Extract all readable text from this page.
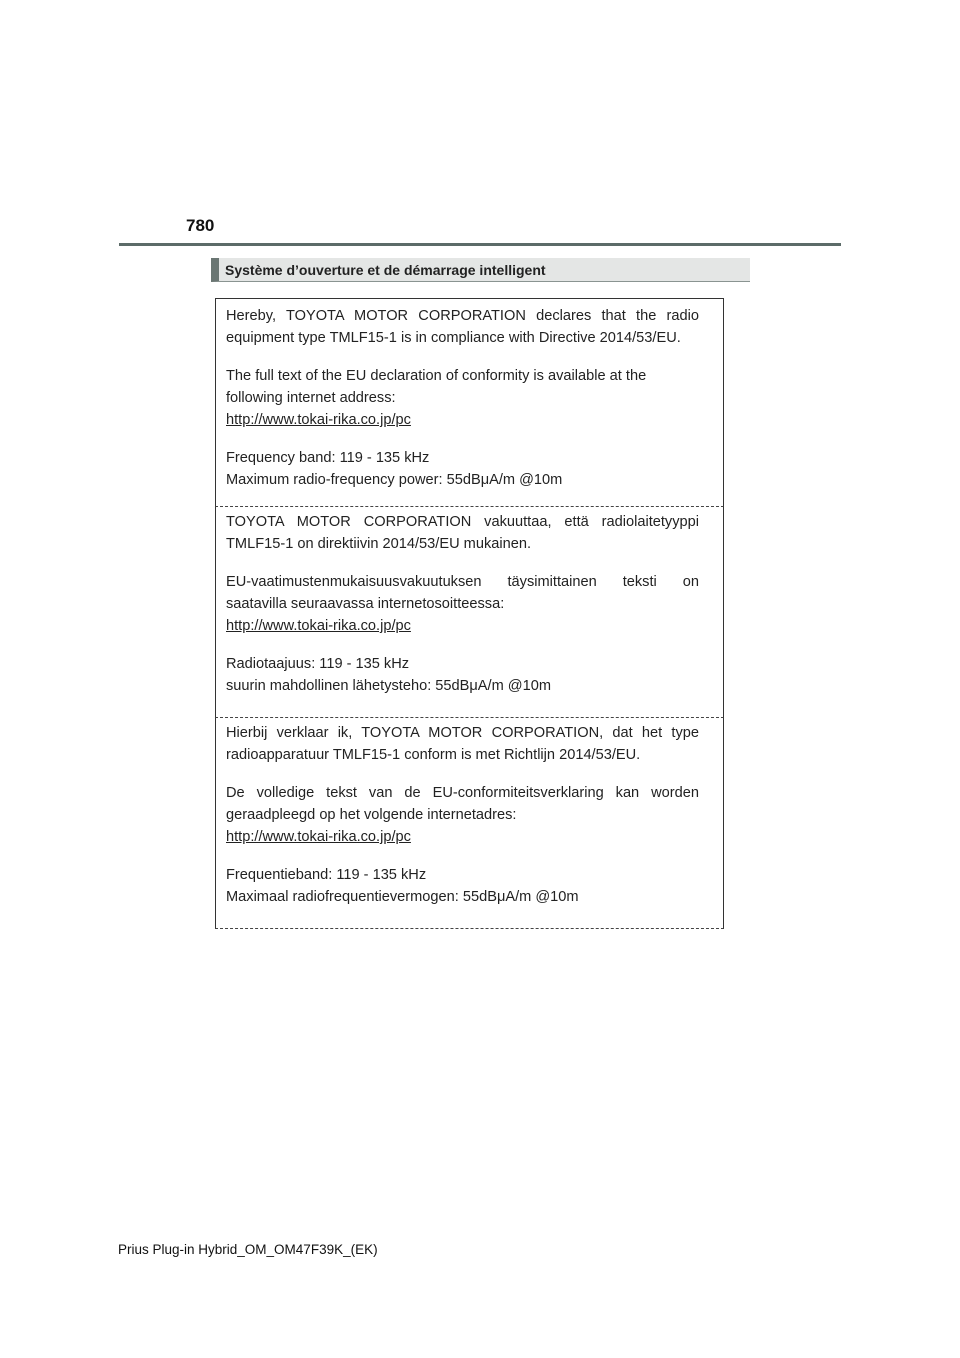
780
Système d’ouverture et de démarrage intelligent
Hereby, TOYOTA MOTOR CORPORATION declares that the radio
equipment type TMLF15-1 is in compliance with Directive 2014/53/EU.
The full text of the EU declaration of conformity is available at the
following internet address:
http://www.tokai-rika.co.jp/pc
Frequency band: 119 - 135 kHz
Maximum radio-frequency power: 55dBμA/m @10m
TOYOTA MOTOR CORPORATION vakuuttaa, että radiolaitetyyppi
TMLF15-1 on direktiivin 2014/53/EU mukainen.
EU-vaatimustenmukaisuusvakuutuksen täysimittainen teksti on
saatavilla seuraavassa internetosoitteessa:
http://www.tokai-rika.co.jp/pc
Radiotaajuus: 119 - 135 kHz
suurin mahdollinen lähetysteho: 55dBμA/m @10m
Hierbij verklaar ik, TOYOTA MOTOR CORPORATION, dat het type
radioapparatuur TMLF15-1 conform is met Richtlijn 2014/53/EU.
De volledige tekst van de EU-conformiteitsverklaring kan worden
geraadpleegd op het volgende internetadres:
http://www.tokai-rika.co.jp/pc
Frequentieband: 119 - 135 kHz
Maximaal radiofrequentievermogen: 55dBμA/m @10m
Prius Plug-in Hybrid_OM_OM47F39K_(EK)
